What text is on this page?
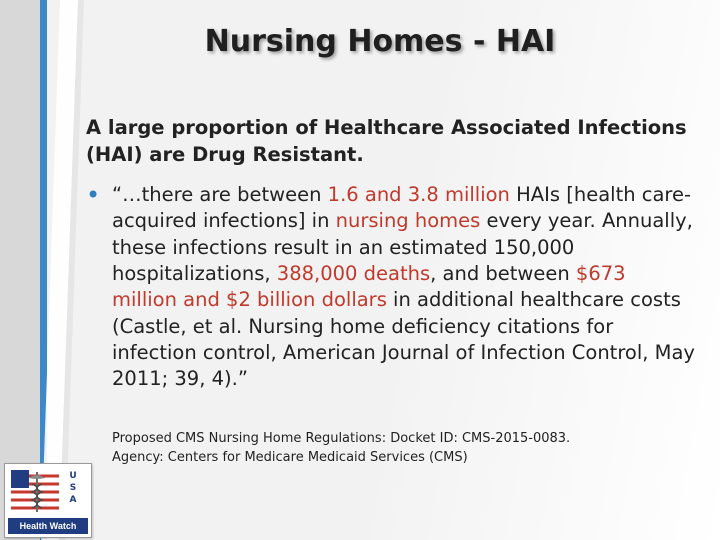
Nursing Homes - HAI
A large proportion of Healthcare Associated Infections (HAI) are Drug Resistant.
• “…there are between 1.6 and 3.8 million HAIs [health care-acquired infections] in nursing homes every year. Annually, these infections result in an estimated 150,000 hospitalizations, 388,000 deaths, and between $673 million and $2 billion dollars in additional healthcare costs (Castle, et al. Nursing home deficiency citations for infection control, American Journal of Infection Control, May 2011; 39, 4).”
Proposed CMS Nursing Home Regulations: Docket ID: CMS-2015-0083.
Agency: Centers for Medicare Medicaid Services (CMS)
U
S
A
Health Watch
